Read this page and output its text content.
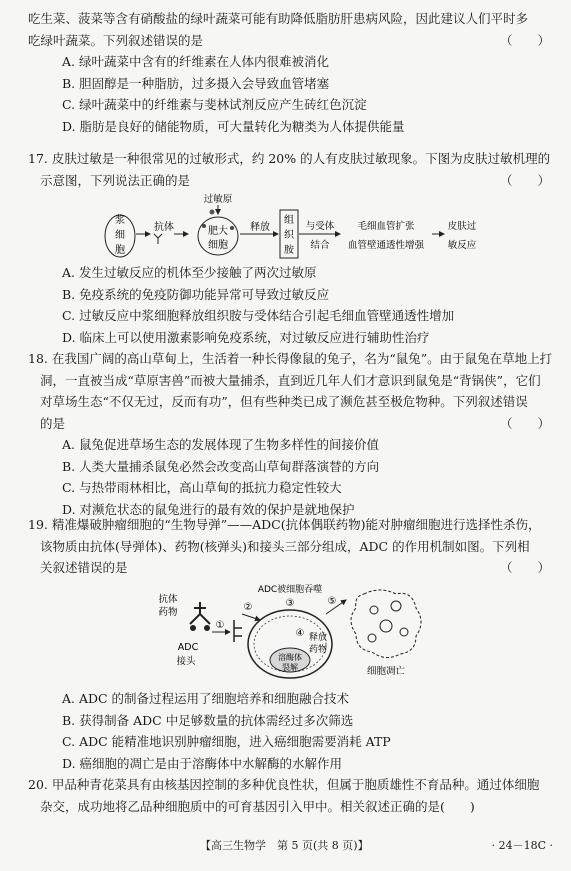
吃生菜、菠菜等含有硝酸盐的绿叶蔬菜可能有助降低脂肪肝患病风险，因此建议人们平时多
吃绿叶蔬菜。下列叙述错误的是	（　　）
A. 绿叶蔬菜中含有的纤维素在人体内很难被消化
B. 胆固醇是一种脂肪，过多摄入会导致血管堵塞
C. 绿叶蔬菜中的纤维素与斐林试剂反应产生砖红色沉淀
D. 脂肪是良好的储能物质，可大量转化为糖类为人体提供能量
17. 皮肤过敏是一种很常见的过敏形式，约 20% 的人有皮肤过敏现象。下图为皮肤过敏机理的
示意图，下列说法正确的是	（　　）
浆
细
胞
抗体
过敏原
肥大
细胞
释放
组
织
胺
与受体
结合
毛细血管扩张
血管壁通透性增强
皮肤过
敏反应
A. 发生过敏反应的机体至少接触了两次过敏原
B. 免疫系统的免疫防御功能异常可导致过敏反应
C. 过敏反应中浆细胞释放组织胺与受体结合引起毛细血管壁通透性增加
D. 临床上可以使用激素影响免疫系统，对过敏反应进行辅助性治疗
18. 在我国广阔的高山草甸上，生活着一种长得像鼠的兔子，名为“鼠兔”。由于鼠兔在草地上打
洞，一直被当成“草原害兽”而被大量捕杀，直到近几年人们才意识到鼠兔是“背锅侠”，它们
对草场生态“不仅无过，反而有功”，但有些种类已成了濒危甚至极危物种。下列叙述错误
的是	（　　）
A. 鼠兔促进草场生态的发展体现了生物多样性的间接价值
B. 人类大量捕杀鼠兔必然会改变高山草甸群落演替的方向
C. 与热带雨林相比，高山草甸的抵抗力稳定性较大
D. 对濒危状态的鼠兔进行的最有效的保护是就地保护
19. 精准爆破肿瘤细胞的“生物导弹”——ADC(抗体偶联药物)能对肿瘤细胞进行选择性杀伤，
该物质由抗体(导弹体)、药物(核弹头)和接头三部分组成，ADC 的作用机制如图。下列相
关叙述错误的是	（　　）
抗体
药物
ADC
接头
①
②
ADC被细胞吞噬
③
④
溶酶体
裂解
释放
药物
⑤
细胞凋亡
A. ADC 的制备过程运用了细胞培养和细胞融合技术
B. 获得制备 ADC 中足够数量的抗体需经过多次筛选
C. ADC 能精准地识别肿瘤细胞，进入癌细胞需要消耗 ATP
D. 癌细胞的凋亡是由于溶酶体中水解酶的水解作用
20. 甲品种青花菜具有由核基因控制的多种优良性状，但属于胞质雄性不育品种。通过体细胞
杂交，成功地将乙品种细胞质中的可育基因引入甲中。相关叙述正确的是(　　)
【高三生物学　第 5 页(共 8 页)】	· 24－18C ·
